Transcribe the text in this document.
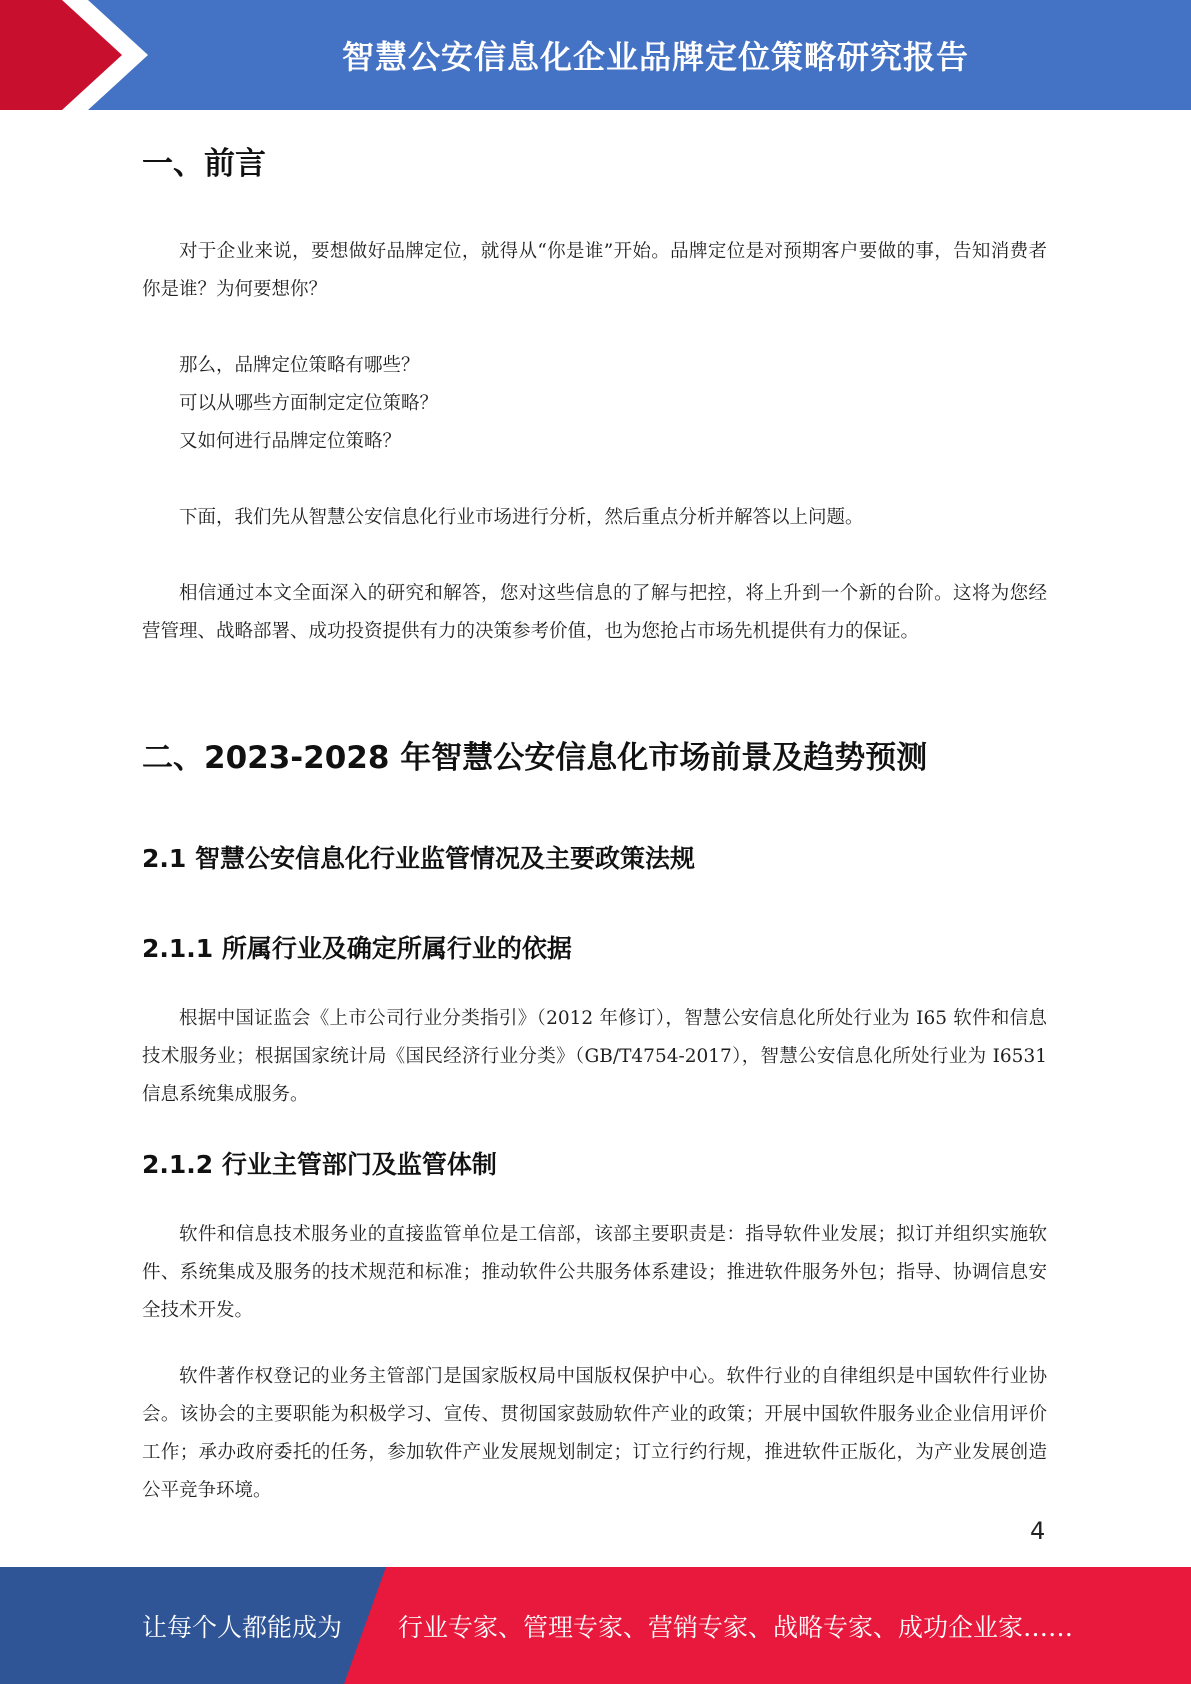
智慧公安信息化企业品牌定位策略研究报告
一、前言

对于企业来说，要想做好品牌定位，就得从“你是谁”开始。品牌定位是对预期客户要做的事，告知消费者你是谁？为何要想你？

那么，品牌定位策略有哪些？

可以从哪些方面制定定位策略？

又如何进行品牌定位策略？

下面，我们先从智慧公安信息化行业市场进行分析，然后重点分析并解答以上问题。

相信通过本文全面深入的研究和解答，您对这些信息的了解与把控，将上升到一个新的台阶。这将为您经营管理、战略部署、成功投资提供有力的决策参考价值，也为您抢占市场先机提供有力的保证。

二、2023-2028 年智慧公安信息化市场前景及趋势预测
2.1 智慧公安信息化行业监管情况及主要政策法规
2.1.1 所属行业及确定所属行业的依据

根据中国证监会《上市公司行业分类指引》（2012 年修订），智慧公安信息化所处行业为 I65 软件和信息技术服务业；根据国家统计局《国民经济行业分类》（GB/T4754-2017），智慧公安信息化所处行业为 I6531 信息系统集成服务。

2.1.2 行业主管部门及监管体制

软件和信息技术服务业的直接监管单位是工信部，该部主要职责是：指导软件业发展；拟订并组织实施软件、系统集成及服务的技术规范和标准；推动软件公共服务体系建设；推进软件服务外包；指导、协调信息安全技术开发。

软件著作权登记的业务主管部门是国家版权局中国版权保护中心。软件行业的自律组织是中国软件行业协会。该协会的主要职能为积极学习、宣传、贯彻国家鼓励软件产业的政策；开展中国软件服务业企业信用评价工作；承办政府委托的任务，参加软件产业发展规划制定；订立行约行规，推进软件正版化，为产业发展创造公平竞争环境。

4
让每个人都能成为 行业专家、管理专家、营销专家、战略专家、成功企业家……
